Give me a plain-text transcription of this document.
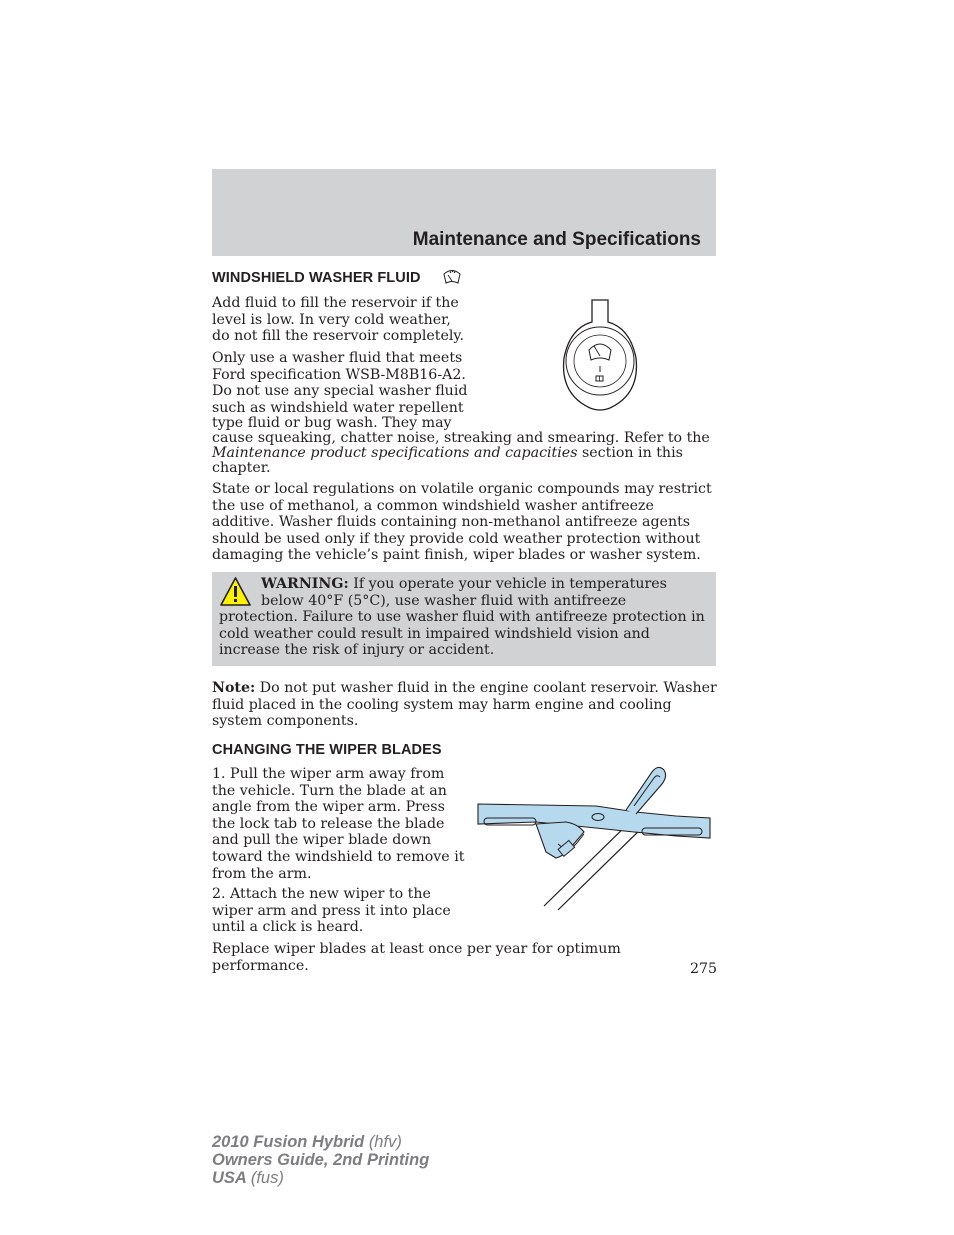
Maintenance and Specifications
WINDSHIELD WASHER FLUID

Add fluid to fill the reservoir if the level is low. In very cold weather, do not fill the reservoir completely.

Only use a washer fluid that meets
Ford specification WSB-M8B16-A2.
Do not use any special washer fluid
such as windshield water repellent
type fluid or bug wash. They may
cause squeaking, chatter noise, streaking and smearing. Refer to the
Maintenance product specifications and capacities section in this chapter.

State or local regulations on volatile organic compounds may restrict the use of methanol, a common windshield washer antifreeze additive. Washer fluids containing non-methanol antifreeze agents should be used only if they provide cold weather protection without damaging the vehicle’s paint finish, wiper blades or washer system.

WARNING: If you operate your vehicle in temperatures below 40°F (5°C), use washer fluid with antifreeze protection. Failure to use washer fluid with antifreeze protection in cold weather could result in impaired windshield vision and increase the risk of injury or accident.

Note: Do not put washer fluid in the engine coolant reservoir. Washer fluid placed in the cooling system may harm engine and cooling system components.

CHANGING THE WIPER BLADES

1. Pull the wiper arm away from the vehicle. Turn the blade at an angle from the wiper arm. Press the lock tab to release the blade and pull the wiper blade down toward the windshield to remove it from the arm.

2. Attach the new wiper to the wiper arm and press it into place until a click is heard.

Replace wiper blades at least once per year for optimum performance.	275
2010 Fusion Hybrid (hfv)
Owners Guide, 2nd Printing
USA (fus)
